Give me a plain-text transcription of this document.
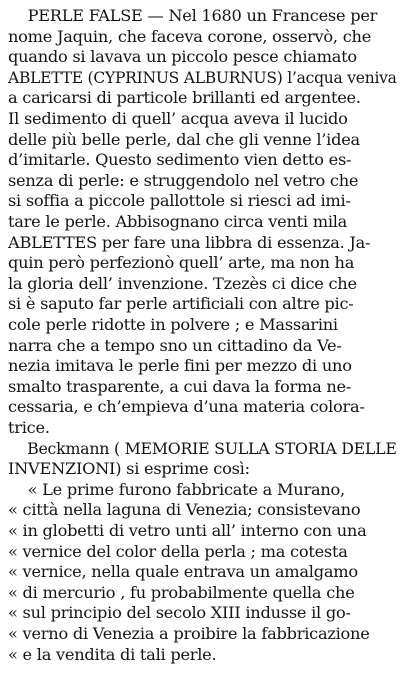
PERLE FALSE — Nel 1680 un Francese per
nome Jaquin, che faceva corone, osservò, che
quando si lavava un piccolo pesce chiamato
ABLETTE (CYPRINUS ALBURNUS) l’acqua veniva
a caricarsi di particole brillanti ed argentee.
Il sedimento di quell’ acqua aveva il lucido
delle più belle perle, dal che gli venne l’idea
d’imitarle. Questo sedimento vien detto es-
senza di perle: e struggendolo nel vetro che
si soffia a piccole pallottole si riesci ad imi-
tare le perle. Abbisognano circa venti mila
ABLETTES per fare una libbra di essenza. Ja-
quin però perfezionò quell’ arte, ma non ha
la gloria dell’ invenzione. Tzezès ci dice che
si è saputo far perle artificiali con altre pic-
cole perle ridotte in polvere ; e Massarini
narra che a tempo sno un cittadino da Ve-
nezia imitava le perle fini per mezzo di uno
smalto trasparente, a cui dava la forma ne-
cessaria, e ch’empieva d’una materia colora-
trice.
Beckmann ( MEMORIE SULLA STORIA DELLE
INVENZIONI) si esprime così:
« Le prime furono fabbricate a Murano,
« città nella laguna di Venezia; consistevano
« in globetti di vetro unti all’ interno con una
« vernice del color della perla ; ma cotesta
« vernice, nella quale entrava un amalgamo
« di mercurio , fu probabilmente quella che
« sul principio del secolo XIII indusse il go-
« verno di Venezia a proibire la fabbricazione
« e la vendita di tali perle.
